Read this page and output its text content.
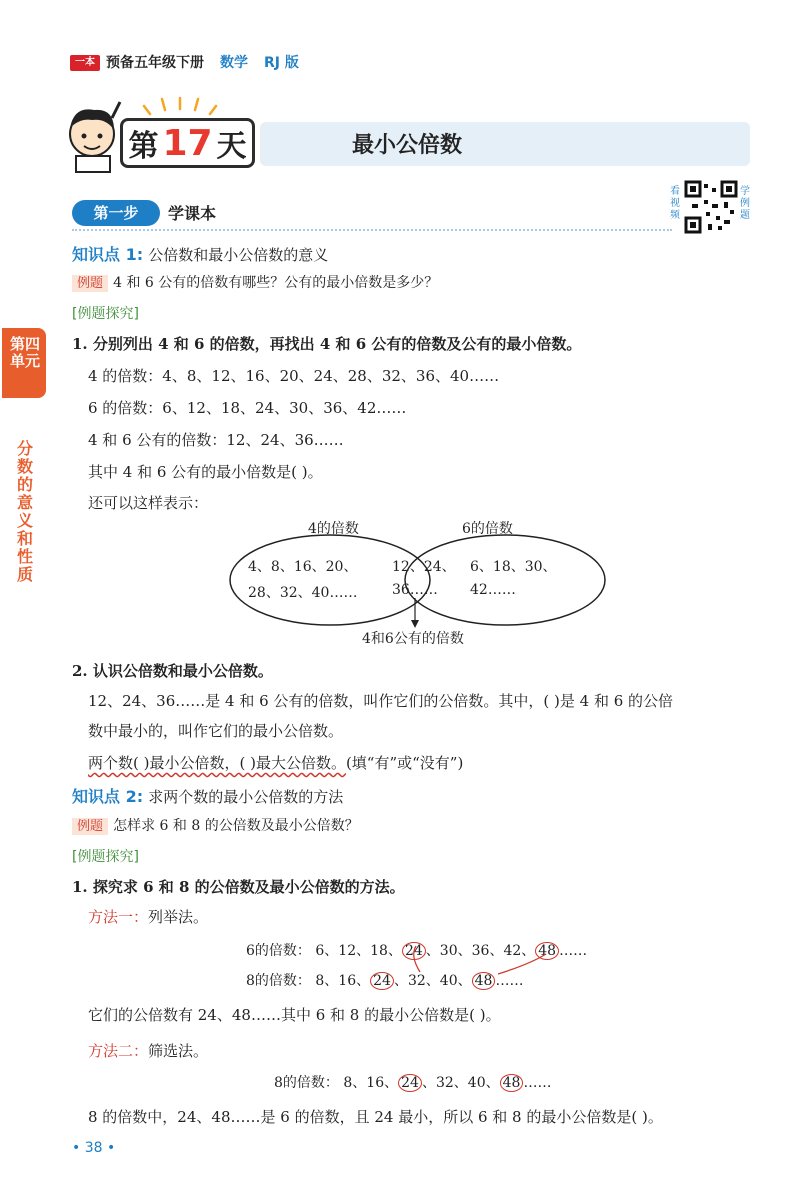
一本 预备五年级下册 数学 RJ 版
第 17 天	最小公倍数
第一步	学课本
看视频
学例题
第四单元
分数的意义和性质
知识点 1: 公倍数和最小公倍数的意义
例题 4 和 6 公有的倍数有哪些？公有的最小倍数是多少？
[例题探究]
1. 分别列出 4 和 6 的倍数，再找出 4 和 6 公有的倍数及公有的最小倍数。
4 的倍数：4、8、12、16、20、24、28、32、36、40……
6 的倍数：6、12、18、24、30、36、42……
4 和 6 公有的倍数：12、24、36……
其中 4 和 6 公有的最小倍数是( )。
还可以这样表示：
4的倍数	6的倍数
4、8、16、20、
28、32、40……
12、24、
36……
6、18、30、
42……
4和6公有的倍数
2. 认识公倍数和最小公倍数。
12、24、36……是 4 和 6 公有的倍数，叫作它们的公倍数。其中，( )是 4 和 6 的公倍
数中最小的，叫作它们的最小公倍数。
两个数( )最小公倍数，( )最大公倍数。(填“有”或“没有”)
知识点 2: 求两个数的最小公倍数的方法
例题 怎样求 6 和 8 的公倍数及最小公倍数？
[例题探究]
1. 探究求 6 和 8 的公倍数及最小公倍数的方法。
方法一：列举法。
6的倍数： 6、12、18、 24 、30、36、42、 48 ……
8的倍数： 8、16、 24 、32、40、 48 ……
它们的公倍数有 24、48……其中 6 和 8 的最小公倍数是( )。
方法二：筛选法。
8的倍数： 8、16、 24 、32、40、 48 ……
8 的倍数中，24、48……是 6 的倍数，且 24 最小，所以 6 和 8 的最小公倍数是( )。
• 38 •
